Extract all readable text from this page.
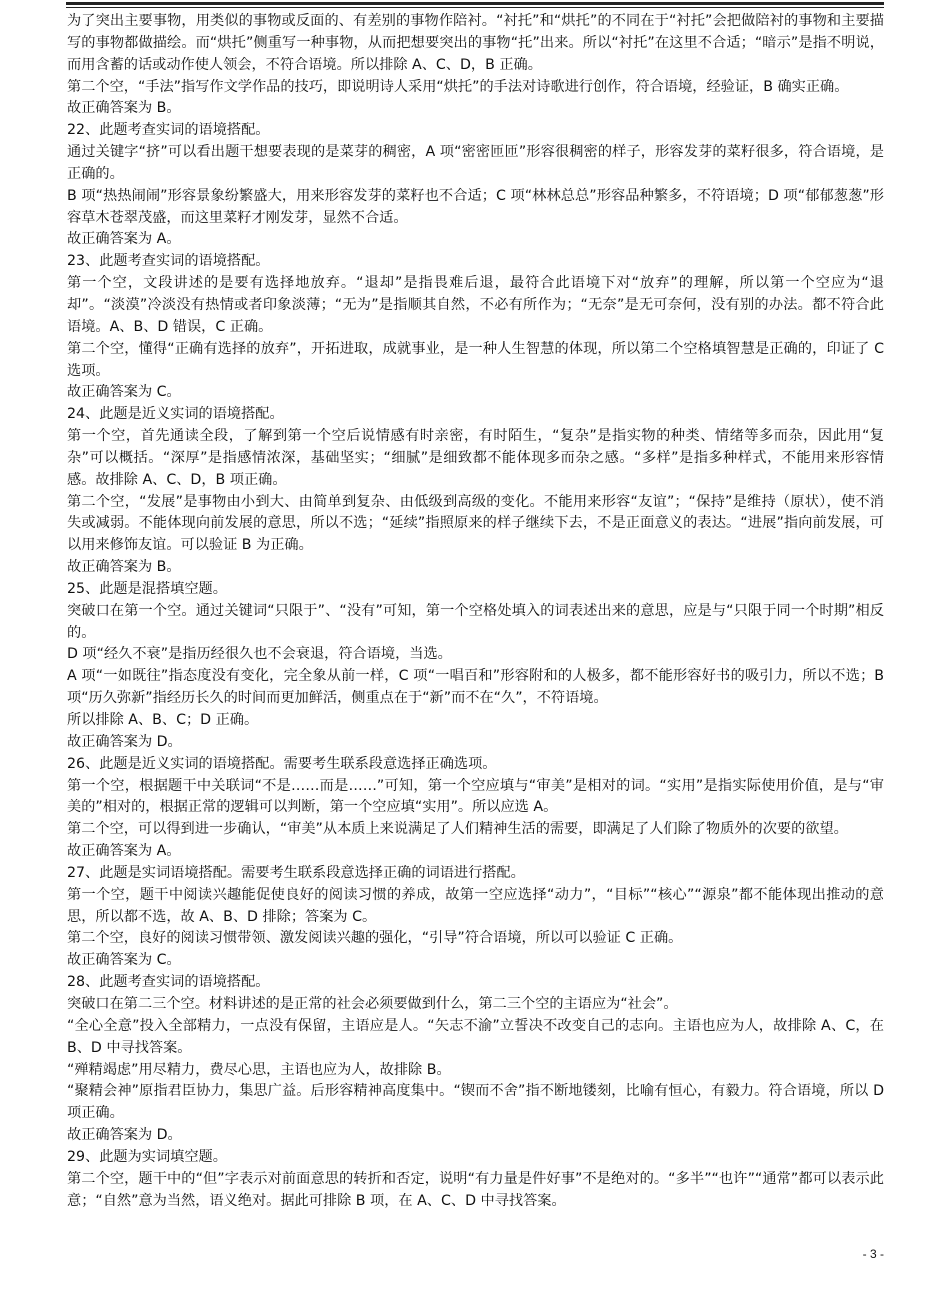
为了突出主要事物，用类似的事物或反面的、有差别的事物作陪衬。“衬托”和“烘托”的不同在于“衬托”会把做陪衬的事物和主要描写的事物都做描绘。而“烘托”侧重写一种事物，从而把想要突出的事物“托”出来。所以“衬托”在这里不合适；“暗示”是指不明说，而用含蓄的话或动作使人领会，不符合语境。所以排除 A、C、D，B 正确。

第二个空，“手法”指写作文学作品的技巧，即说明诗人采用“烘托”的手法对诗歌进行创作，符合语境，经验证，B 确实正确。

故正确答案为 B。

22、此题考查实词的语境搭配。

通过关键字“挤”可以看出题干想要表现的是菜芽的稠密，A 项“密密匝匝”形容很稠密的样子，形容发芽的菜籽很多，符合语境，是正确的。

B 项“热热闹闹”形容景象纷繁盛大，用来形容发芽的菜籽也不合适；C 项“林林总总”形容品种繁多，不符语境；D 项“郁郁葱葱”形容草木苍翠茂盛，而这里菜籽才刚发芽，显然不合适。

故正确答案为 A。

23、此题考查实词的语境搭配。

第一个空，文段讲述的是要有选择地放弃。“退却”是指畏难后退，最符合此语境下对“放弃”的理解，所以第一个空应为“退却”。“淡漠”冷淡没有热情或者印象淡薄；“无为”是指顺其自然，不必有所作为；“无奈”是无可奈何，没有别的办法。都不符合此语境。A、B、D 错误，C 正确。

第二个空，懂得“正确有选择的放弃”，开拓进取，成就事业，是一种人生智慧的体现，所以第二个空格填智慧是正确的，印证了 C 选项。

故正确答案为 C。

24、此题是近义实词的语境搭配。

第一个空，首先通读全段，了解到第一个空后说情感有时亲密，有时陌生，“复杂”是指实物的种类、情绪等多而杂，因此用“复杂”可以概括。“深厚”是指感情浓深，基础坚实；“细腻”是细致都不能体现多而杂之感。“多样”是指多种样式，不能用来形容情感。故排除 A、C、D，B 项正确。

第二个空，“发展”是事物由小到大、由简单到复杂、由低级到高级的变化。不能用来形容“友谊”；“保持”是维持（原状），使不消失或减弱。不能体现向前发展的意思，所以不选；“延续”指照原来的样子继续下去，不是正面意义的表达。“进展”指向前发展，可以用来修饰友谊。可以验证 B 为正确。

故正确答案为 B。

25、此题是混搭填空题。

突破口在第一个空。通过关键词“只限于”、“没有”可知，第一个空格处填入的词表述出来的意思，应是与“只限于同一个时期”相反的。

D 项“经久不衰”是指历经很久也不会衰退，符合语境，当选。

A 项“一如既往”指态度没有变化，完全象从前一样，C 项“一唱百和”形容附和的人极多，都不能形容好书的吸引力，所以不选；B 项“历久弥新”指经历长久的时间而更加鲜活，侧重点在于“新”而不在“久”，不符语境。

所以排除 A、B、C；D 正确。

故正确答案为 D。

26、此题是近义实词的语境搭配。需要考生联系段意选择正确选项。

第一个空，根据题干中关联词“不是……而是……”可知，第一个空应填与“审美”是相对的词。“实用”是指实际使用价值，是与“审美的”相对的，根据正常的逻辑可以判断，第一个空应填“实用”。所以应选 A。

第二个空，可以得到进一步确认，“审美”从本质上来说满足了人们精神生活的需要，即满足了人们除了物质外的次要的欲望。

故正确答案为 A。

27、此题是实词语境搭配。需要考生联系段意选择正确的词语进行搭配。

第一个空，题干中阅读兴趣能促使良好的阅读习惯的养成，故第一空应选择“动力”，“目标”“核心”“源泉”都不能体现出推动的意思，所以都不选，故 A、B、D 排除；答案为 C。

第二个空，良好的阅读习惯带领、激发阅读兴趣的强化，“引导”符合语境，所以可以验证 C 正确。

故正确答案为 C。

28、此题考查实词的语境搭配。

突破口在第二三个空。材料讲述的是正常的社会必须要做到什么，第二三个空的主语应为“社会”。

“全心全意”投入全部精力，一点没有保留，主语应是人。“矢志不渝”立誓决不改变自己的志向。主语也应为人，故排除 A、C，在 B、D 中寻找答案。

“殚精竭虑”用尽精力，费尽心思，主语也应为人，故排除 B。

“聚精会神”原指君臣协力，集思广益。后形容精神高度集中。“锲而不舍”指不断地镂刻，比喻有恒心，有毅力。符合语境，所以 D 项正确。

故正确答案为 D。

29、此题为实词填空题。

第二个空，题干中的“但”字表示对前面意思的转折和否定，说明“有力量是件好事”不是绝对的。“多半”“也许”“通常”都可以表示此意；“自然”意为当然，语义绝对。据此可排除 B 项，在 A、C、D 中寻找答案。

- 3 -
